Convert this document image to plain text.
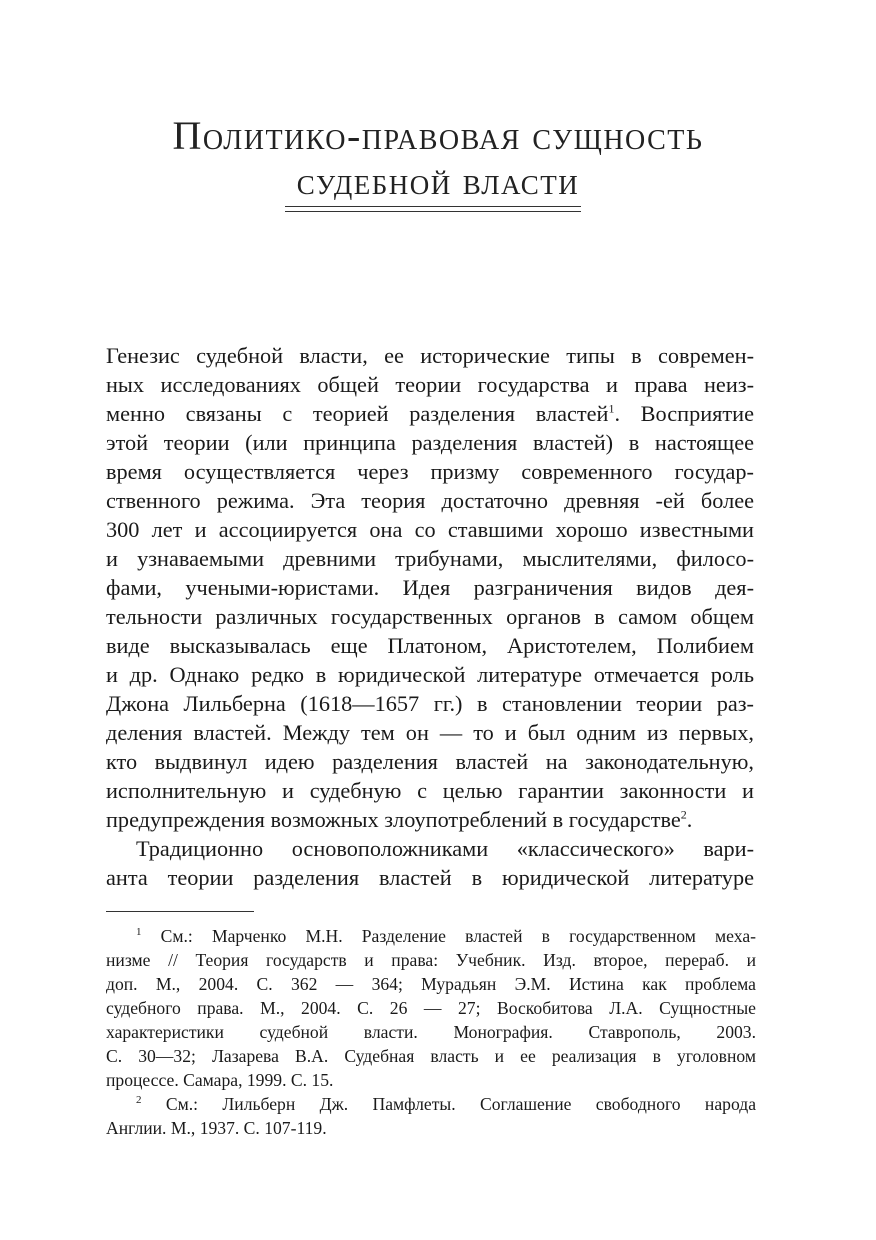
Политико-правовая сущность
судебной власти
Генезис судебной власти, ее исторические типы в современ-
ных исследованиях общей теории государства и права неиз-
менно связаны с теорией разделения властей$^1$. Восприятие
этой теории (или принципа разделения властей) в настоящее
время осуществляется через призму современного государ-
ственного режима. Эта теория достаточно древняя -ей более
300 лет и ассоциируется она со ставшими хорошо известными
и узнаваемыми древними трибунами, мыслителями, филосо-
фами, учеными-юристами. Идея разграничения видов дея-
тельности различных государственных органов в самом общем
виде высказывалась еще Платоном, Аристотелем, Полибием
и др. Однако редко в юридической литературе отмечается роль
Джона Лильберна (1618—1657 гг.) в становлении теории раз-
деления властей. Между тем он — то и был одним из первых,
кто выдвинул идею разделения властей на законодательную,
исполнительную и судебную с целью гарантии законности и
предупреждения возможных злоупотреблений в государстве$^2$.
Традиционно основоположниками «классического» вари-
анта теории разделения властей в юридической литературе
$^1$ См.: Марченко М.Н. Разделение властей в государственном меха-
низме // Теория государств и права: Учебник. Изд. второе, перераб. и
доп. М., 2004. С. 362 — 364; Мурадьян Э.М. Истина как проблема
судебного права. М., 2004. С. 26 — 27; Воскобитова Л.А. Сущностные
характеристики судебной власти. Монография. Ставрополь, 2003.
С. 30—32; Лазарева В.А. Судебная власть и ее реализация в уголовном
процессе. Самара, 1999. С. 15.
$^2$ См.: Лильберн Дж. Памфлеты. Соглашение свободного народа
Англии. М., 1937. С. 107-119.
